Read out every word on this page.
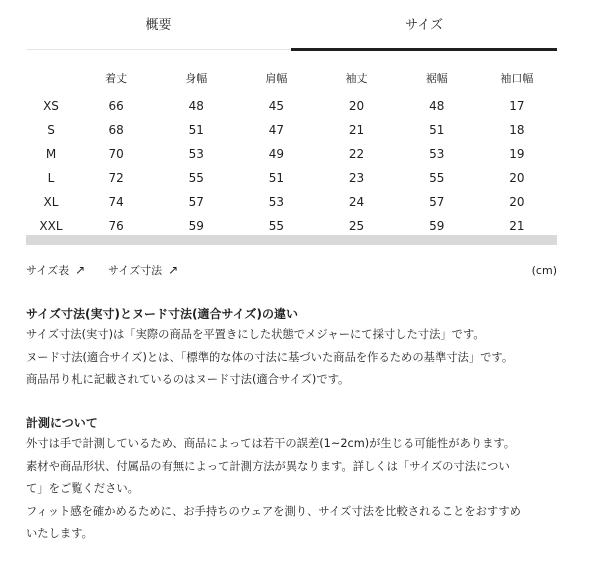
概要	サイズ
	着丈	身幅	肩幅	袖丈	裾幅	袖口幅
XS	66	48	45	20	48	17
S	68	51	47	21	51	18
M	70	53	49	22	53	19
L	72	55	51	23	55	20
XL	74	57	53	24	57	20
XXL	76	59	55	25	59	21
サイズ表 ↗ サイズ寸法 ↗	(cm)
サイズ寸法(実寸)とヌード寸法(適合サイズ)の違い
サイズ寸法(実寸)は「実際の商品を平置きにした状態でメジャーにて採寸した寸法」です。
ヌード寸法(適合サイズ)とは、「標準的な体の寸法に基づいた商品を作るための基準寸法」です。
商品吊り札に記載されているのはヌード寸法(適合サイズ)です。
計測について
外寸は手で計測しているため、商品によっては若干の誤差(1~2cm)が生じる可能性があります。
素材や商品形状、付属品の有無によって計測方法が異なります。詳しくは「サイズの寸法につい
て」をご覧ください。
フィット感を確かめるために、お手持ちのウェアを測り、サイズ寸法を比較されることをおすすめ
いたします。
